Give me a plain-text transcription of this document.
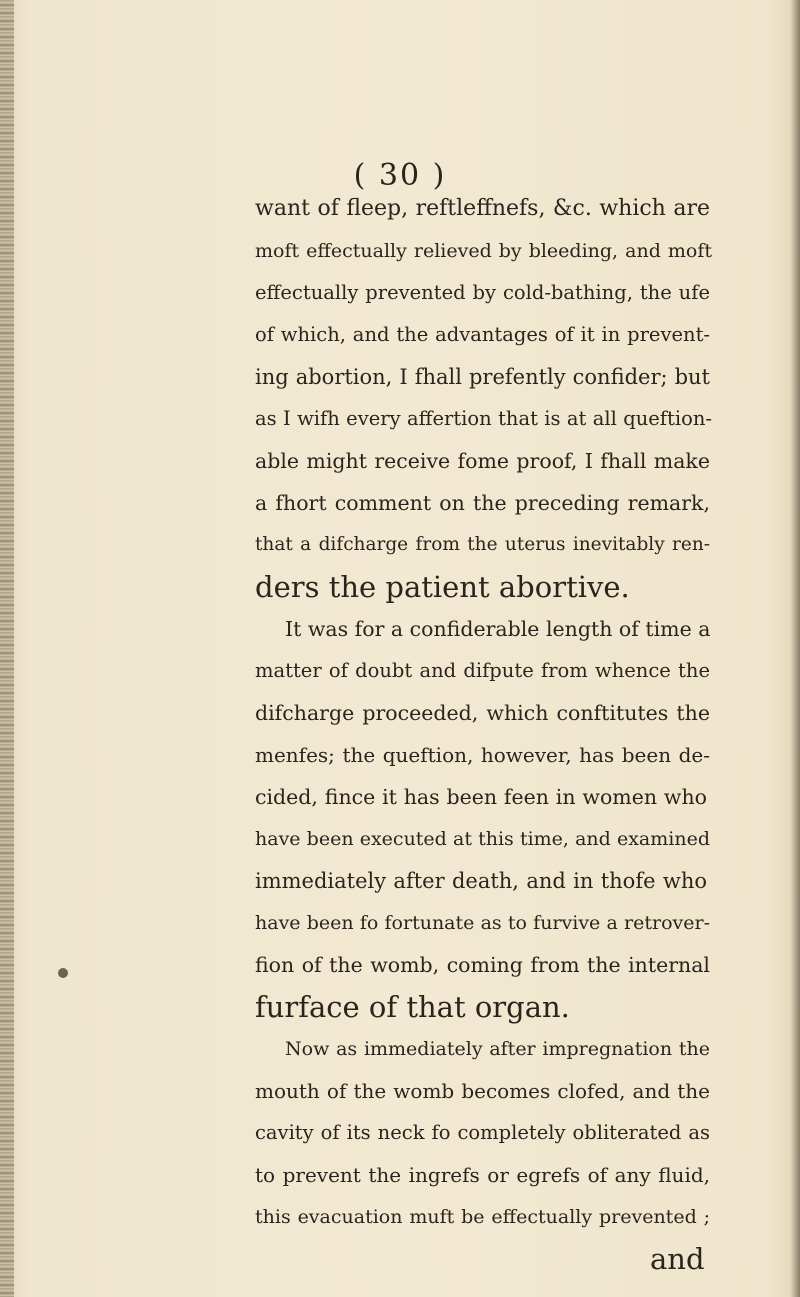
( 30 )
want of fleep, reftleffnefs, &c. which are
moft effectually relieved by bleeding, and moft
effectually prevented by cold-bathing, the ufe
of which, and the advantages of it in prevent-
ing abortion, I fhall prefently confider; but
as I wifh every affertion that is at all queftion-
able might receive fome proof, I fhall make
a fhort comment on the preceding remark,
that a difcharge from the uterus inevitably ren-
ders the patient abortive.
It was for a confiderable length of time a
matter of doubt and difpute from whence the
difcharge proceeded, which conftitutes the
menfes; the queftion, however, has been de-
cided, fince it has been feen in women who
have been executed at this time, and examined
immediately after death, and in thofe who
have been fo fortunate as to furvive a retrover-
fion of the womb, coming from the internal
furface of that organ.
Now as immediately after impregnation the
mouth of the womb becomes clofed, and the
cavity of its neck fo completely obliterated as
to prevent the ingrefs or egrefs of any fluid,
this evacuation muft be effectually prevented ;
and
